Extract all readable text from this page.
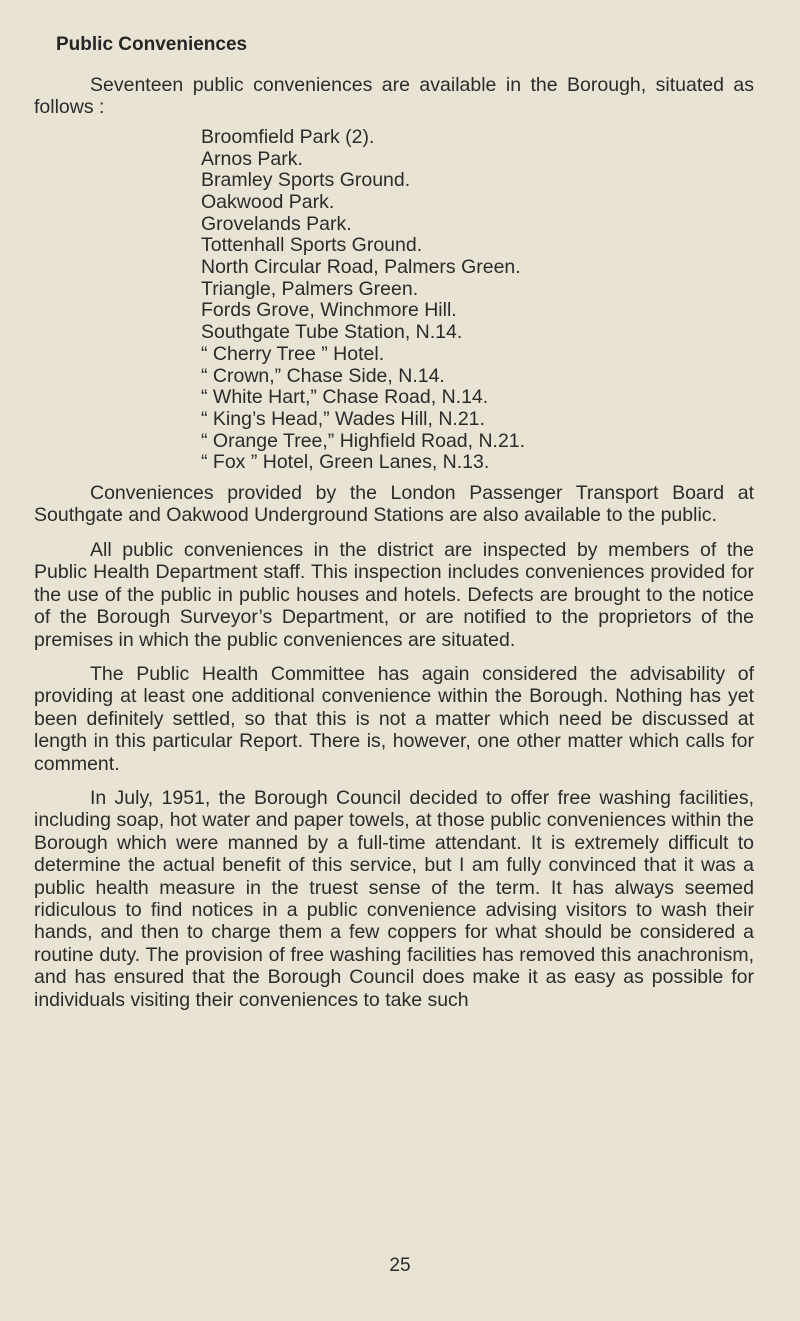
Public Conveniences

Seventeen public conveniences are available in the Borough, situated as follows :

Broomfield Park (2).
Arnos Park.
Bramley Sports Ground.
Oakwood Park.
Grovelands Park.
Tottenhall Sports Ground.
North Circular Road, Palmers Green.
Triangle, Palmers Green.
Fords Grove, Winchmore Hill.
Southgate Tube Station, N.14.
“ Cherry Tree ” Hotel.
“ Crown,” Chase Side, N.14.
“ White Hart,” Chase Road, N.14.
“ King’s Head,” Wades Hill, N.21.
“ Orange Tree,” Highfield Road, N.21.
“ Fox ” Hotel, Green Lanes, N.13.

Conveniences provided by the London Passenger Transport Board at Southgate and Oakwood Underground Stations are also available to the public.

All public conveniences in the district are inspected by members of the Public Health Department staff. This inspection includes conveniences provided for the use of the public in public houses and hotels. Defects are brought to the notice of the Borough Surveyor’s Department, or are notified to the proprietors of the premises in which the public conveniences are situated.

The Public Health Committee has again considered the advisability of providing at least one additional convenience within the Borough. Nothing has yet been definitely settled, so that this is not a matter which need be discussed at length in this particular Report. There is, however, one other matter which calls for comment.

In July, 1951, the Borough Council decided to offer free washing facilities, including soap, hot water and paper towels, at those public conveniences within the Borough which were manned by a full-time attendant. It is extremely difficult to determine the actual benefit of this service, but I am fully convinced that it was a public health measure in the truest sense of the term. It has always seemed ridiculous to find notices in a public convenience advising visitors to wash their hands, and then to charge them a few coppers for what should be considered a routine duty. The provision of free washing facilities has removed this anachronism, and has ensured that the Borough Council does make it as easy as possible for individuals visiting their conveniences to take such

25
